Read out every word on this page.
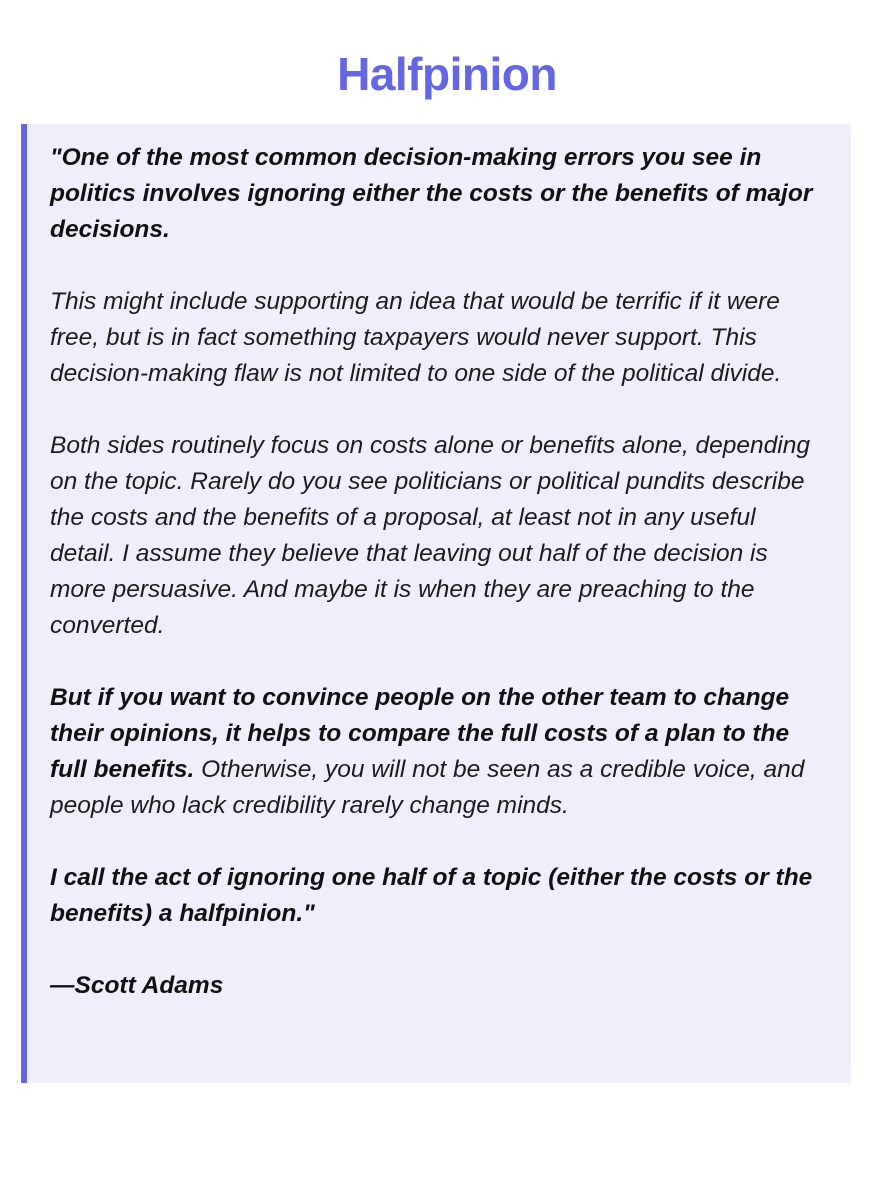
Halfpinion

"One of the most common decision-making errors you see in politics involves ignoring either the costs or the benefits of major decisions.

This might include supporting an idea that would be terrific if it were free, but is in fact something taxpayers would never support. This decision-making flaw is not limited to one side of the political divide.

Both sides routinely focus on costs alone or benefits alone, depending on the topic. Rarely do you see politicians or political pundits describe the costs and the benefits of a proposal, at least not in any useful detail. I assume they believe that leaving out half of the decision is more persuasive. And maybe it is when they are preaching to the converted.

But if you want to convince people on the other team to change their opinions, it helps to compare the full costs of a plan to the full benefits. Otherwise, you will not be seen as a credible voice, and people who lack credibility rarely change minds.

I call the act of ignoring one half of a topic (either the costs or the benefits) a halfpinion."

—Scott Adams
